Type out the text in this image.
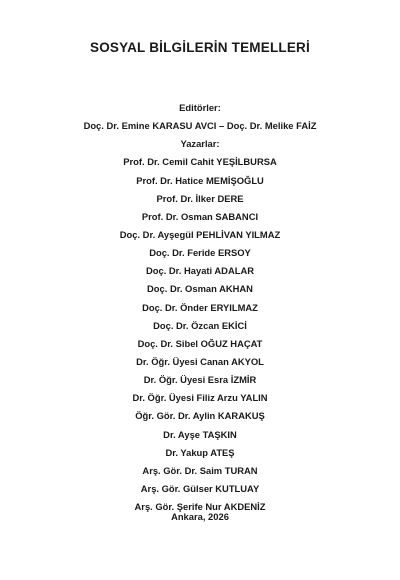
SOSYAL BİLGİLERİN TEMELLERİ
Editörler:
Doç. Dr. Emine KARASU AVCI – Doç. Dr. Melike FAİZ
Yazarlar:
Prof. Dr. Cemil Cahit YEŞİLBURSA
Prof. Dr. Hatice MEMİŞOĞLU
Prof. Dr. İlker DERE
Prof. Dr. Osman SABANCI
Doç. Dr. Ayşegül PEHLİVAN YILMAZ
Doç. Dr. Feride ERSOY
Doç. Dr. Hayati ADALAR
Doç. Dr. Osman AKHAN
Doç. Dr. Önder ERYILMAZ
Doç. Dr. Özcan EKİCİ
Doç. Dr. Sibel OĞUZ HAÇAT
Dr. Öğr. Üyesi Canan AKYOL
Dr. Öğr. Üyesi Esra İZMİR
Dr. Öğr. Üyesi Filiz Arzu YALIN
Öğr. Gör. Dr. Aylin KARAKUŞ
Dr. Ayşe TAŞKIN
Dr. Yakup ATEŞ
Arş. Gör. Dr. Saim TURAN
Arş. Gör. Gülser KUTLUAY
Arş. Gör. Şerife Nur AKDENİZ
Ankara, 2026
